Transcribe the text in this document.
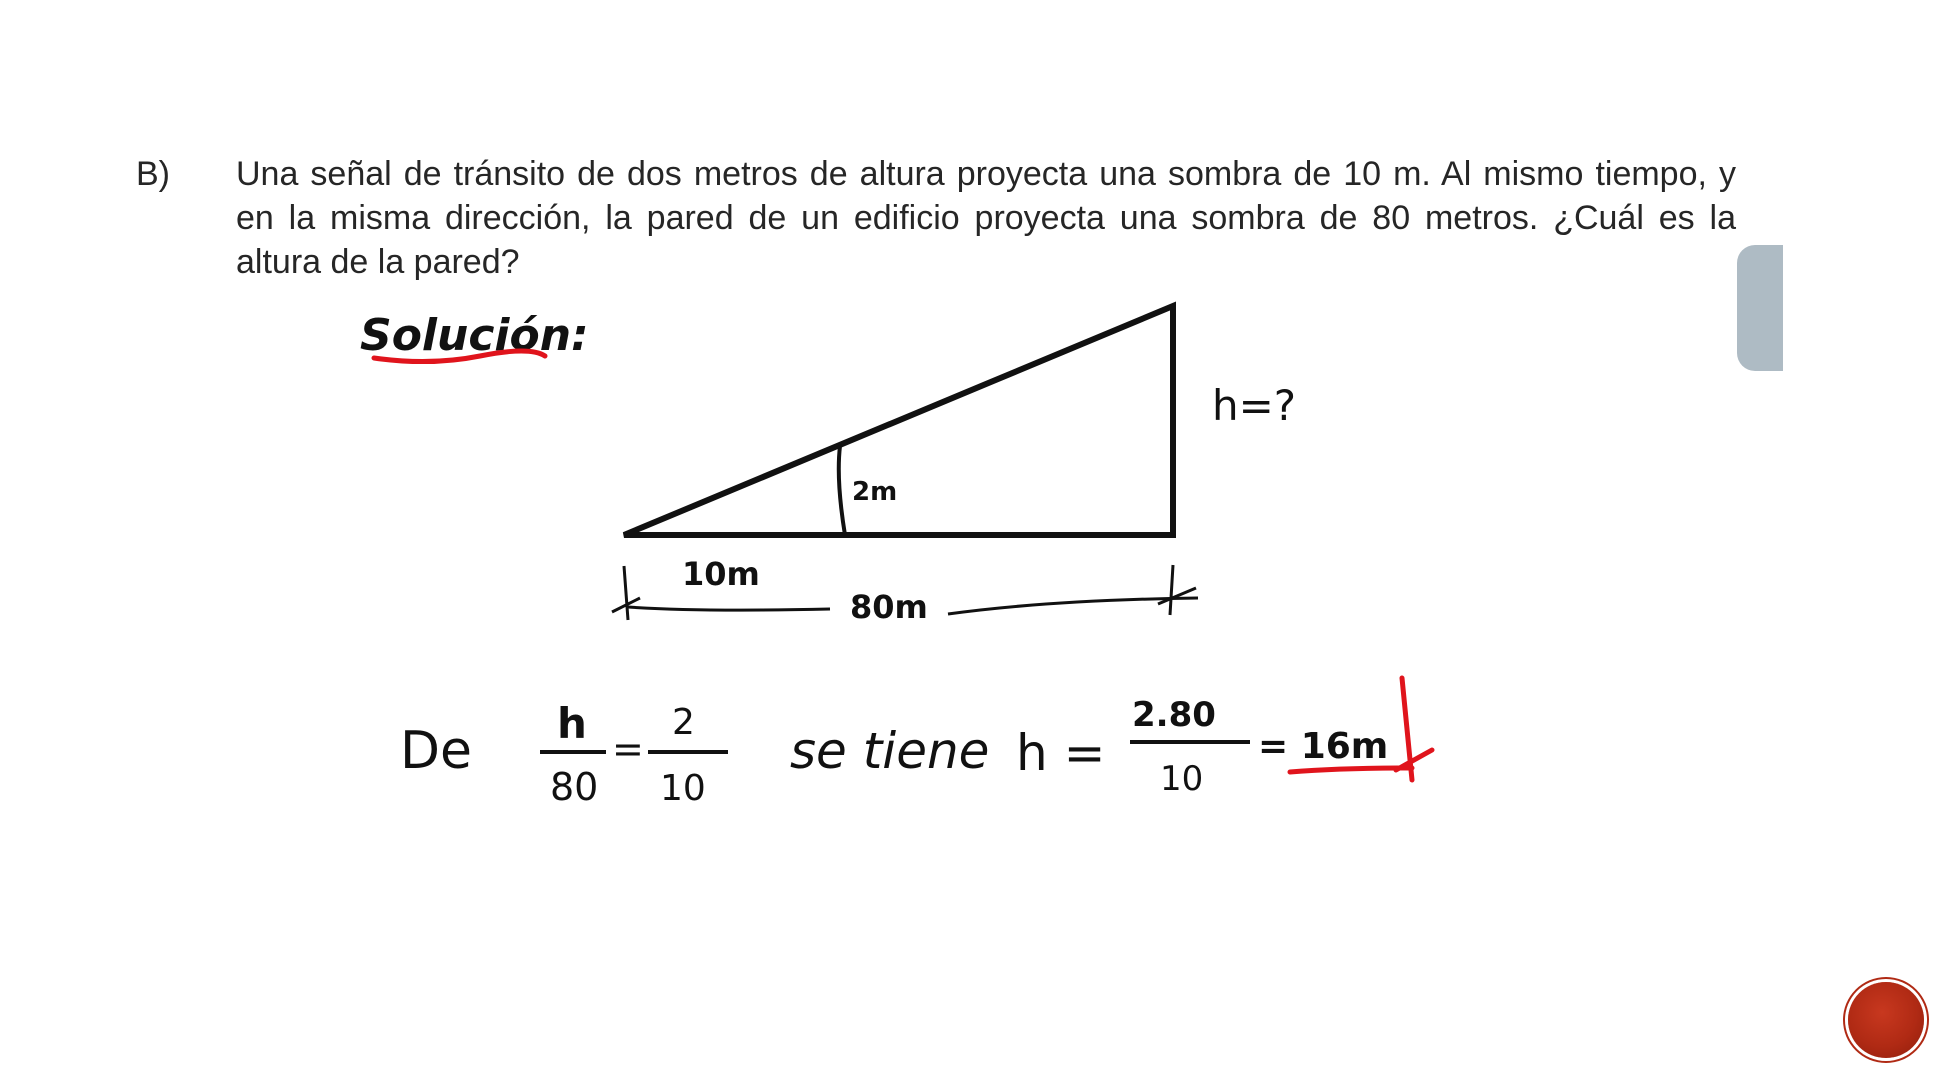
B) Una señal de tránsito de dos metros de altura proyecta una sombra de 10 m. Al mismo tiempo, y en la misma dirección, la pared de un edificio proyecta una sombra de 80 metros. ¿Cuál es la altura de la pared?
Solución:
2m
h=?
10m
80m
De h
80
=
2
10
se tiene h =
2.80
10
= 16m
